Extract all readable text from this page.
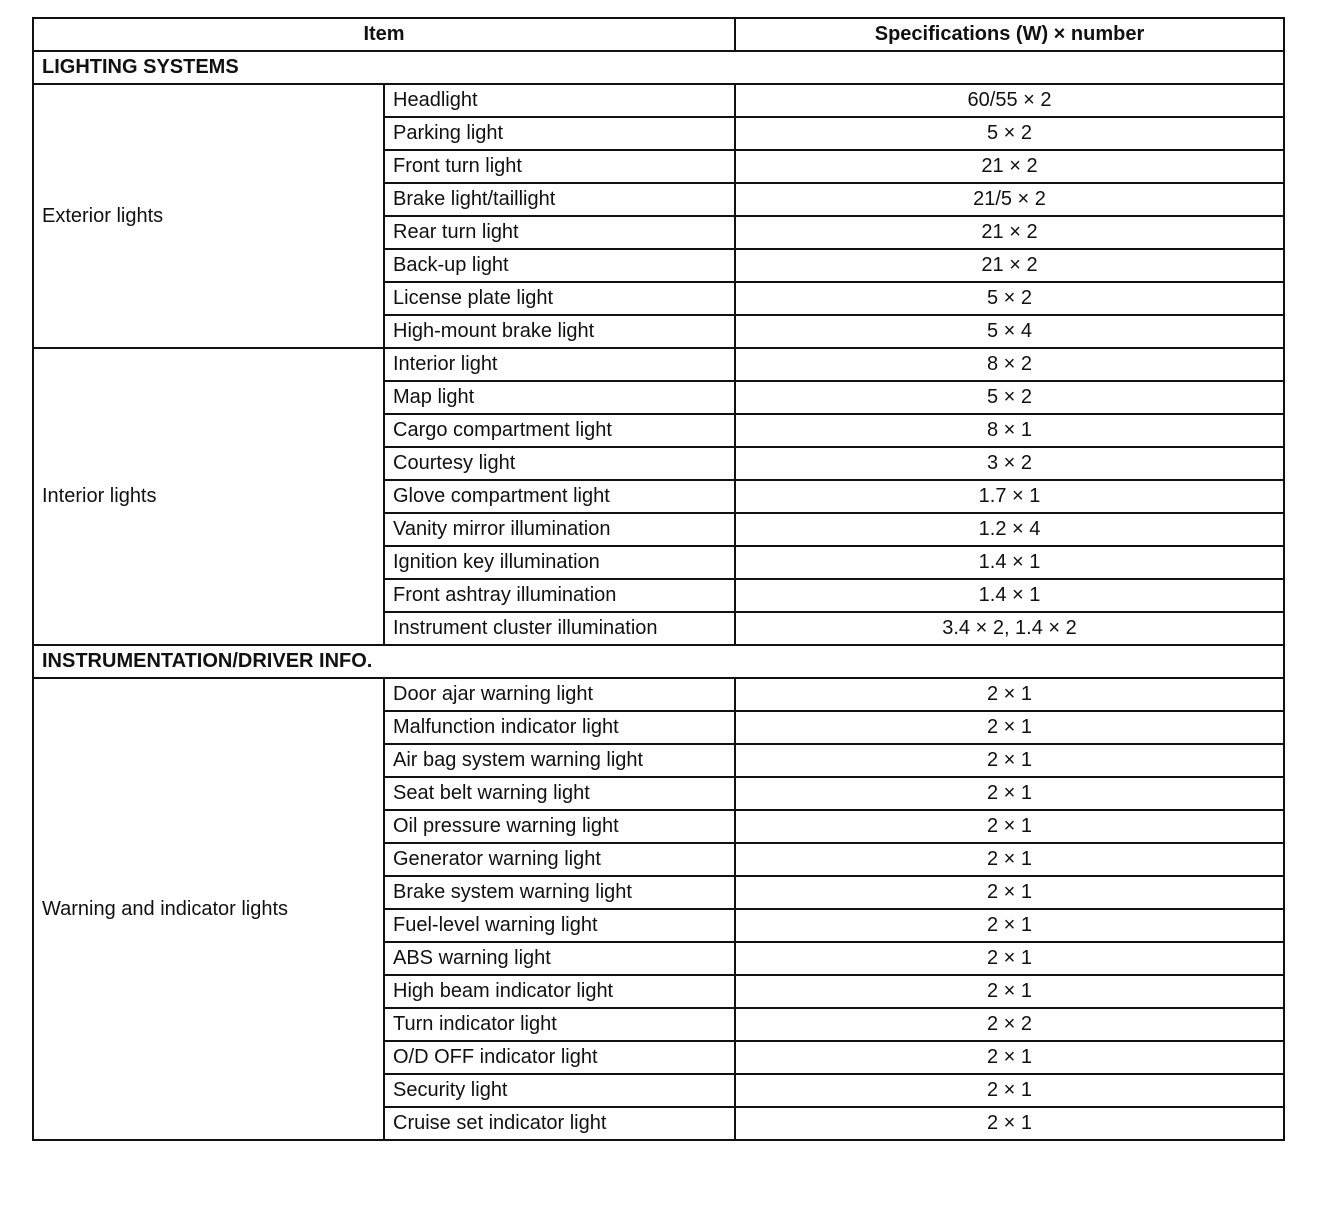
Item		Specifications (W) × number
LIGHTING SYSTEMS		
Exterior lights	Headlight	60/55 × 2
	Parking light	5 × 2
	Front turn light	21 × 2
	Brake light/taillight	21/5 × 2
	Rear turn light	21 × 2
	Back-up light	21 × 2
	License plate light	5 × 2
	High-mount brake light	5 × 4
Interior lights	Interior light	8 × 2
	Map light	5 × 2
	Cargo compartment light	8 × 1
	Courtesy light	3 × 2
	Glove compartment light	1.7 × 1
	Vanity mirror illumination	1.2 × 4
	Ignition key illumination	1.4 × 1
	Front ashtray illumination	1.4 × 1
	Instrument cluster illumination	3.4 × 2, 1.4 × 2
INSTRUMENTATION/DRIVER INFO.		
Warning and indicator lights	Door ajar warning light	2 × 1
	Malfunction indicator light	2 × 1
	Air bag system warning light	2 × 1
	Seat belt warning light	2 × 1
	Oil pressure warning light	2 × 1
	Generator warning light	2 × 1
	Brake system warning light	2 × 1
	Fuel-level warning light	2 × 1
	ABS warning light	2 × 1
	High beam indicator light	2 × 1
	Turn indicator light	2 × 2
	O/D OFF indicator light	2 × 1
	Security light	2 × 1
	Cruise set indicator light	2 × 1
